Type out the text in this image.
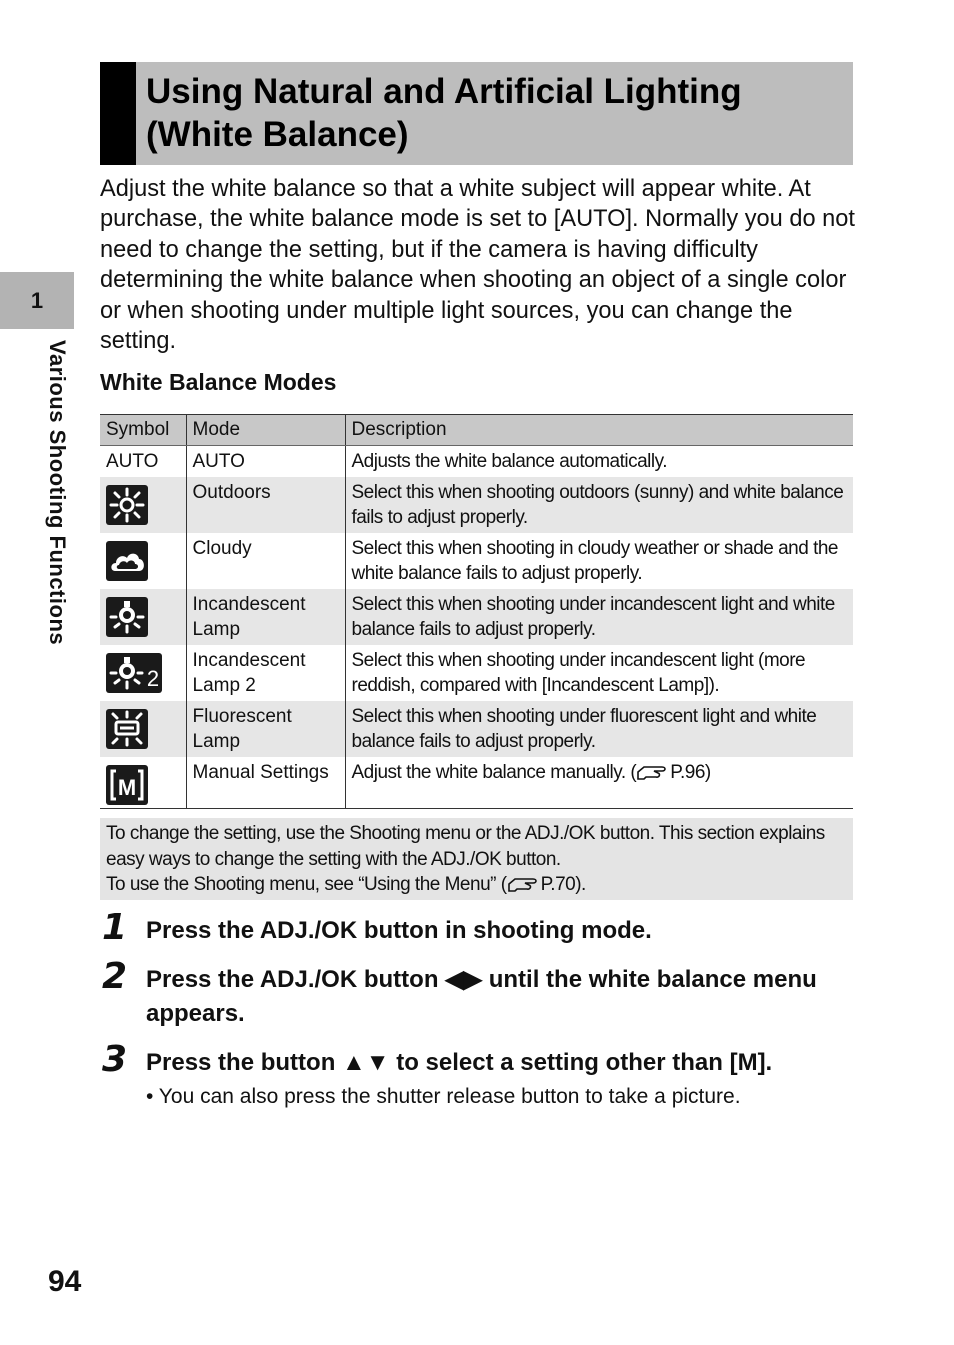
1
Various Shooting Functions
Using Natural and Artificial Lighting
(White Balance)
Adjust the white balance so that a white subject will appear white. At purchase, the white balance mode is set to [AUTO]. Normally you do not need to change the setting, but if the camera is having difficulty determining the white balance when shooting an object of a single color or when shooting under multiple light sources, you can change the setting.
White Balance Modes
Symbol	Mode	Description
AUTO	AUTO	Adjusts the white balance automatically.

	Outdoors	Select this when shooting outdoors (sunny) and white balance fails to adjust properly.

	Cloudy	Select this when shooting in cloudy weather or shade and the white balance fails to adjust properly.

	Incandescent Lamp	Select this when shooting under incandescent light and white balance fails to adjust properly.

2	Incandescent Lamp 2	Select this when shooting under incandescent light (more reddish, compared with [Incandescent Lamp]).

	Fluorescent Lamp	Select this when shooting under fluorescent light and white balance fails to adjust properly.

M	Manual Settings	Adjust the white balance manually. ( P.96)
To change the setting, use the Shooting menu or the ADJ./OK button. This section explains easy ways to change the setting with the ADJ./OK button.
To use the Shooting menu, see “Using the Menu” ( P.70).
1 Press the ADJ./OK button in shooting mode.
2 Press the ADJ./OK button ◀▶ until the white balance menu appears.
3 Press the button ▲▼ to select a setting other than [M].
• You can also press the shutter release button to take a picture.
94
